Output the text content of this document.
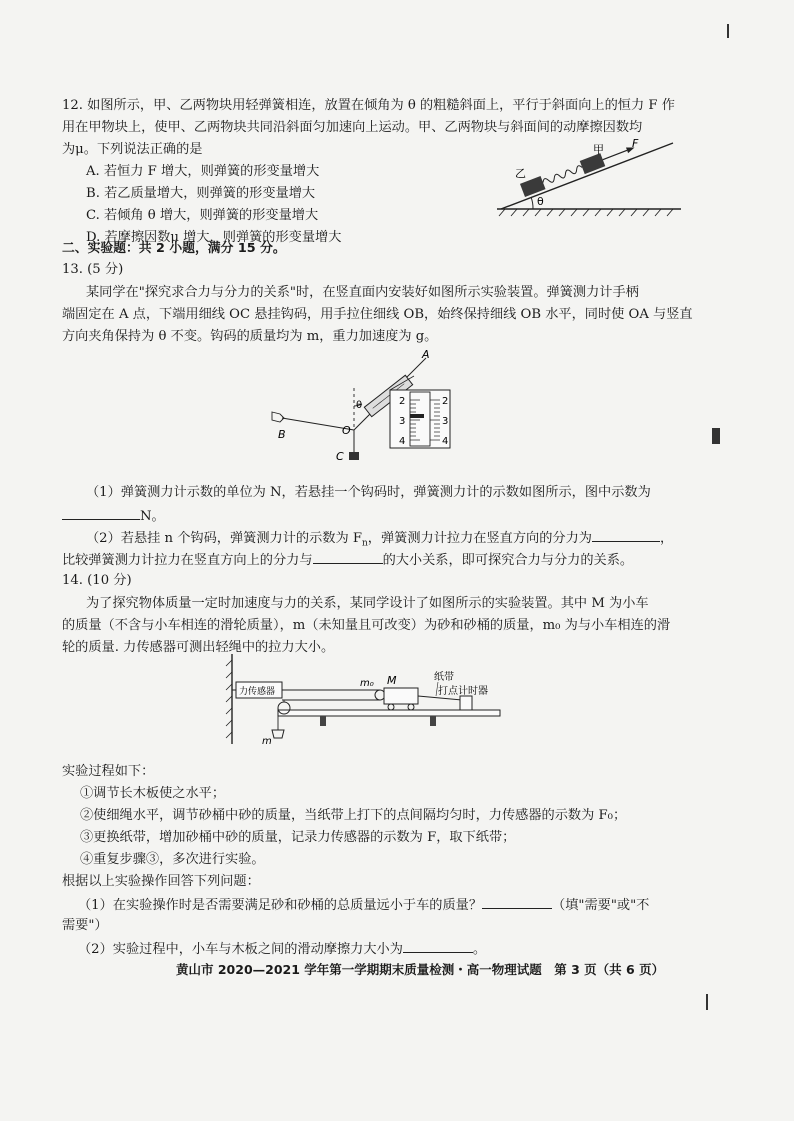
12. 如图所示，甲、乙两物块用轻弹簧相连，放置在倾角为 θ 的粗糙斜面上，平行于斜面向上的恒力 F 作
用在甲物块上，使甲、乙两物块共同沿斜面匀加速向上运动。甲、乙两物块与斜面间的动摩擦因数均
为μ。下列说法正确的是
A. 若恒力 F 增大，则弹簧的形变量增大
B. 若乙质量增大，则弹簧的形变量增大
C. 若倾角 θ 增大，则弹簧的形变量增大
D. 若摩擦因数μ 增大，则弹簧的形变量增大
θ
乙
甲	F
二、实验题：共 2 小题，满分 15 分。
13. (5 分)
某同学在"探究求合力与分力的关系"时，在竖直面内安装好如图所示实验装置。弹簧测力计手柄
端固定在 A 点，下端用细线 OC 悬挂钩码，用手拉住细线 OB，始终保持细线 OB 水平，同时使 OA 与竖直
方向夹角保持为 θ 不变。钩码的质量均为 m，重力加速度为 g。
θ
B	O
C
A
2
3
4
2
3
4
（1）弹簧测力计示数的单位为 N，若悬挂一个钩码时，弹簧测力计的示数如图所示，图中示数为
N。
（2）若悬挂 n 个钩码，弹簧测力计的示数为 $F_n$，弹簧测力计拉力在竖直方向的分力为	，
比较弹簧测力计拉力在竖直方向上的分力与	的大小关系，即可探究合力与分力的关系。
14. (10 分)
为了探究物体质量一定时加速度与力的关系，某同学设计了如图所示的实验装置。其中 M 为小车
的质量（不含与小车相连的滑轮质量），m（未知量且可改变）为砂和砂桶的质量，m₀ 为与小车相连的滑
轮的质量. 力传感器可测出轻绳中的拉力大小。
力传感器
m₀ M	纸带
打点计时器
m
实验过程如下：
①调节长木板使之水平；
②使细绳水平，调节砂桶中砂的质量，当纸带上打下的点间隔均匀时，力传感器的示数为 F₀；
③更换纸带，增加砂桶中砂的质量，记录力传感器的示数为 F，取下纸带；
④重复步骤③，多次进行实验。
根据以上实验操作回答下列问题：
（1）在实验操作时是否需要满足砂和砂桶的总质量远小于车的质量？	（填"需要"或"不
需要"）
（2）实验过程中，小车与木板之间的滑动摩擦力大小为	。
黄山市 2020—2021 学年第一学期期末质量检测・高一物理试题　第 3 页（共 6 页）
